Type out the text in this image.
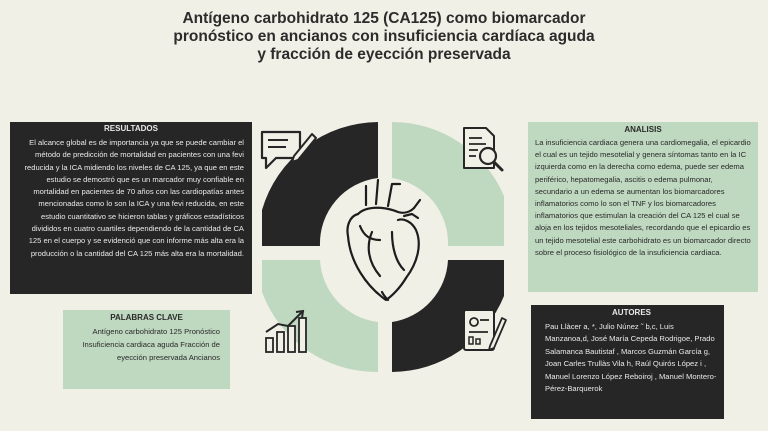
Antígeno carbohidrato 125 (CA125) como biomarcador
pronóstico en ancianos con insuficiencia cardíaca aguda
y fracción de eyección preservada
RESULTADOS
El alcance global es de importancia ya que se puede cambiar el método de predicción de mortalidad en pacientes con una fevi reducida y la ICA midiendo los niveles de CA 125, ya que en este estudio se demostró que es un marcador muy confiable en mortalidad en pacientes de 70 años con las cardiopatías antes mencionadas como lo son la ICA y una fevi reducida, en este estudio cuantitativo se hicieron tablas y gráficos estadísticos divididos en cuatro cuartiles dependiendo de la cantidad de CA 125 en el cuerpo y se evidenció que con informe más alta era la producción o la cantidad del CA 125 más alta era la mortalidad.
PALABRAS CLAVE
Antígeno carbohidrato 125 Pronóstico Insuficiencia cardiaca aguda Fracción de eyección preservada Ancianos
ANALISIS
La insuficiencia cardiaca genera una cardiomegalia, el epicardio el cual es un tejido mesotelial y genera síntomas tanto en la IC izquierda como en la derecha como edema, puede ser edema periférico, hepatomegalia, ascitis o edema pulmonar, secundario a un edema se aumentan los biomarcadores inflamatorios como lo son el TNF y los biomarcadores inflamatorios que estimulan la creación del CA 125 el cual se aloja en los tejidos mesoteliales, recordando que el epicardio es un tejido mesotelial este carbohidrato es un biomarcador directo sobre el proceso fisiológico de la insuficiencia cardiaca.
AUTORES
Pau Llàcer a, *, Julio Núnez ˜ b,c, Luis Manzanoa,d, José María Cepeda Rodrigoe, Prado Salamanca Bautistaf , Marcos Guzmán García g, Joan Carles Trullàs Vila h, Raúl Quirós López i , Manuel Lorenzo López Reboiroj , Manuel Montero-Pérez-Barquerok
